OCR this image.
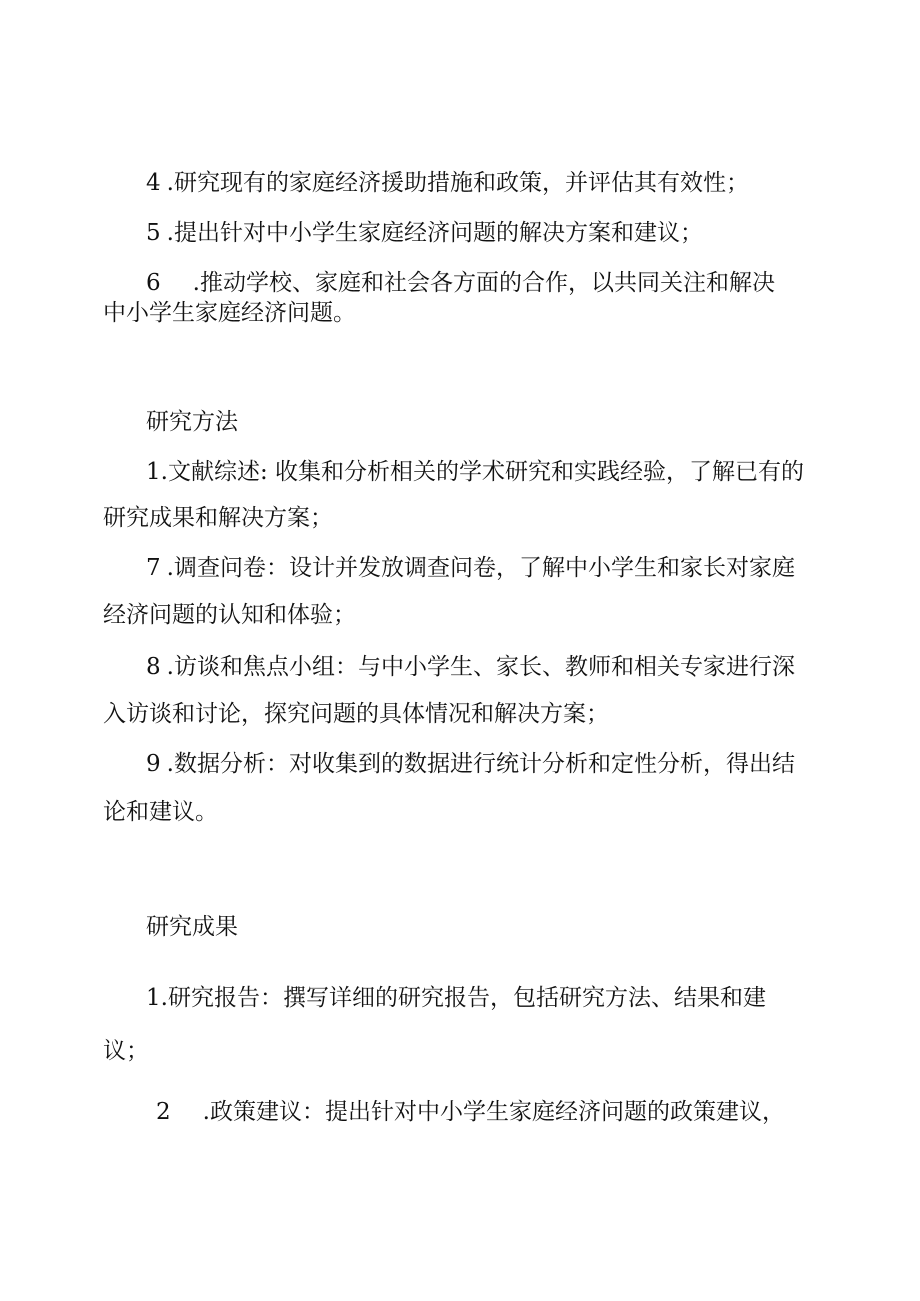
4 .研究现有的家庭经济援助措施和政策，并评估其有效性；
5 .提出针对中小学生家庭经济问题的解决方案和建议；
6 .推动学校、家庭和社会各方面的合作，以共同关注和解决
中小学生家庭经济问题。
研究方法
1.文献综述: 收集和分析相关的学术研究和实践经验，了解已有的
研究成果和解决方案；
7 .调查问卷：设计并发放调查问卷，了解中小学生和家长对家庭
经济问题的认知和体验；
8 .访谈和焦点小组：与中小学生、家长、教师和相关专家进行深
入访谈和讨论，探究问题的具体情况和解决方案；
9 .数据分析：对收集到的数据进行统计分析和定性分析，得出结
论和建议。
研究成果
1.研究报告：撰写详细的研究报告，包括研究方法、结果和建
议；
2 .政策建议：提出针对中小学生家庭经济问题的政策建议，
